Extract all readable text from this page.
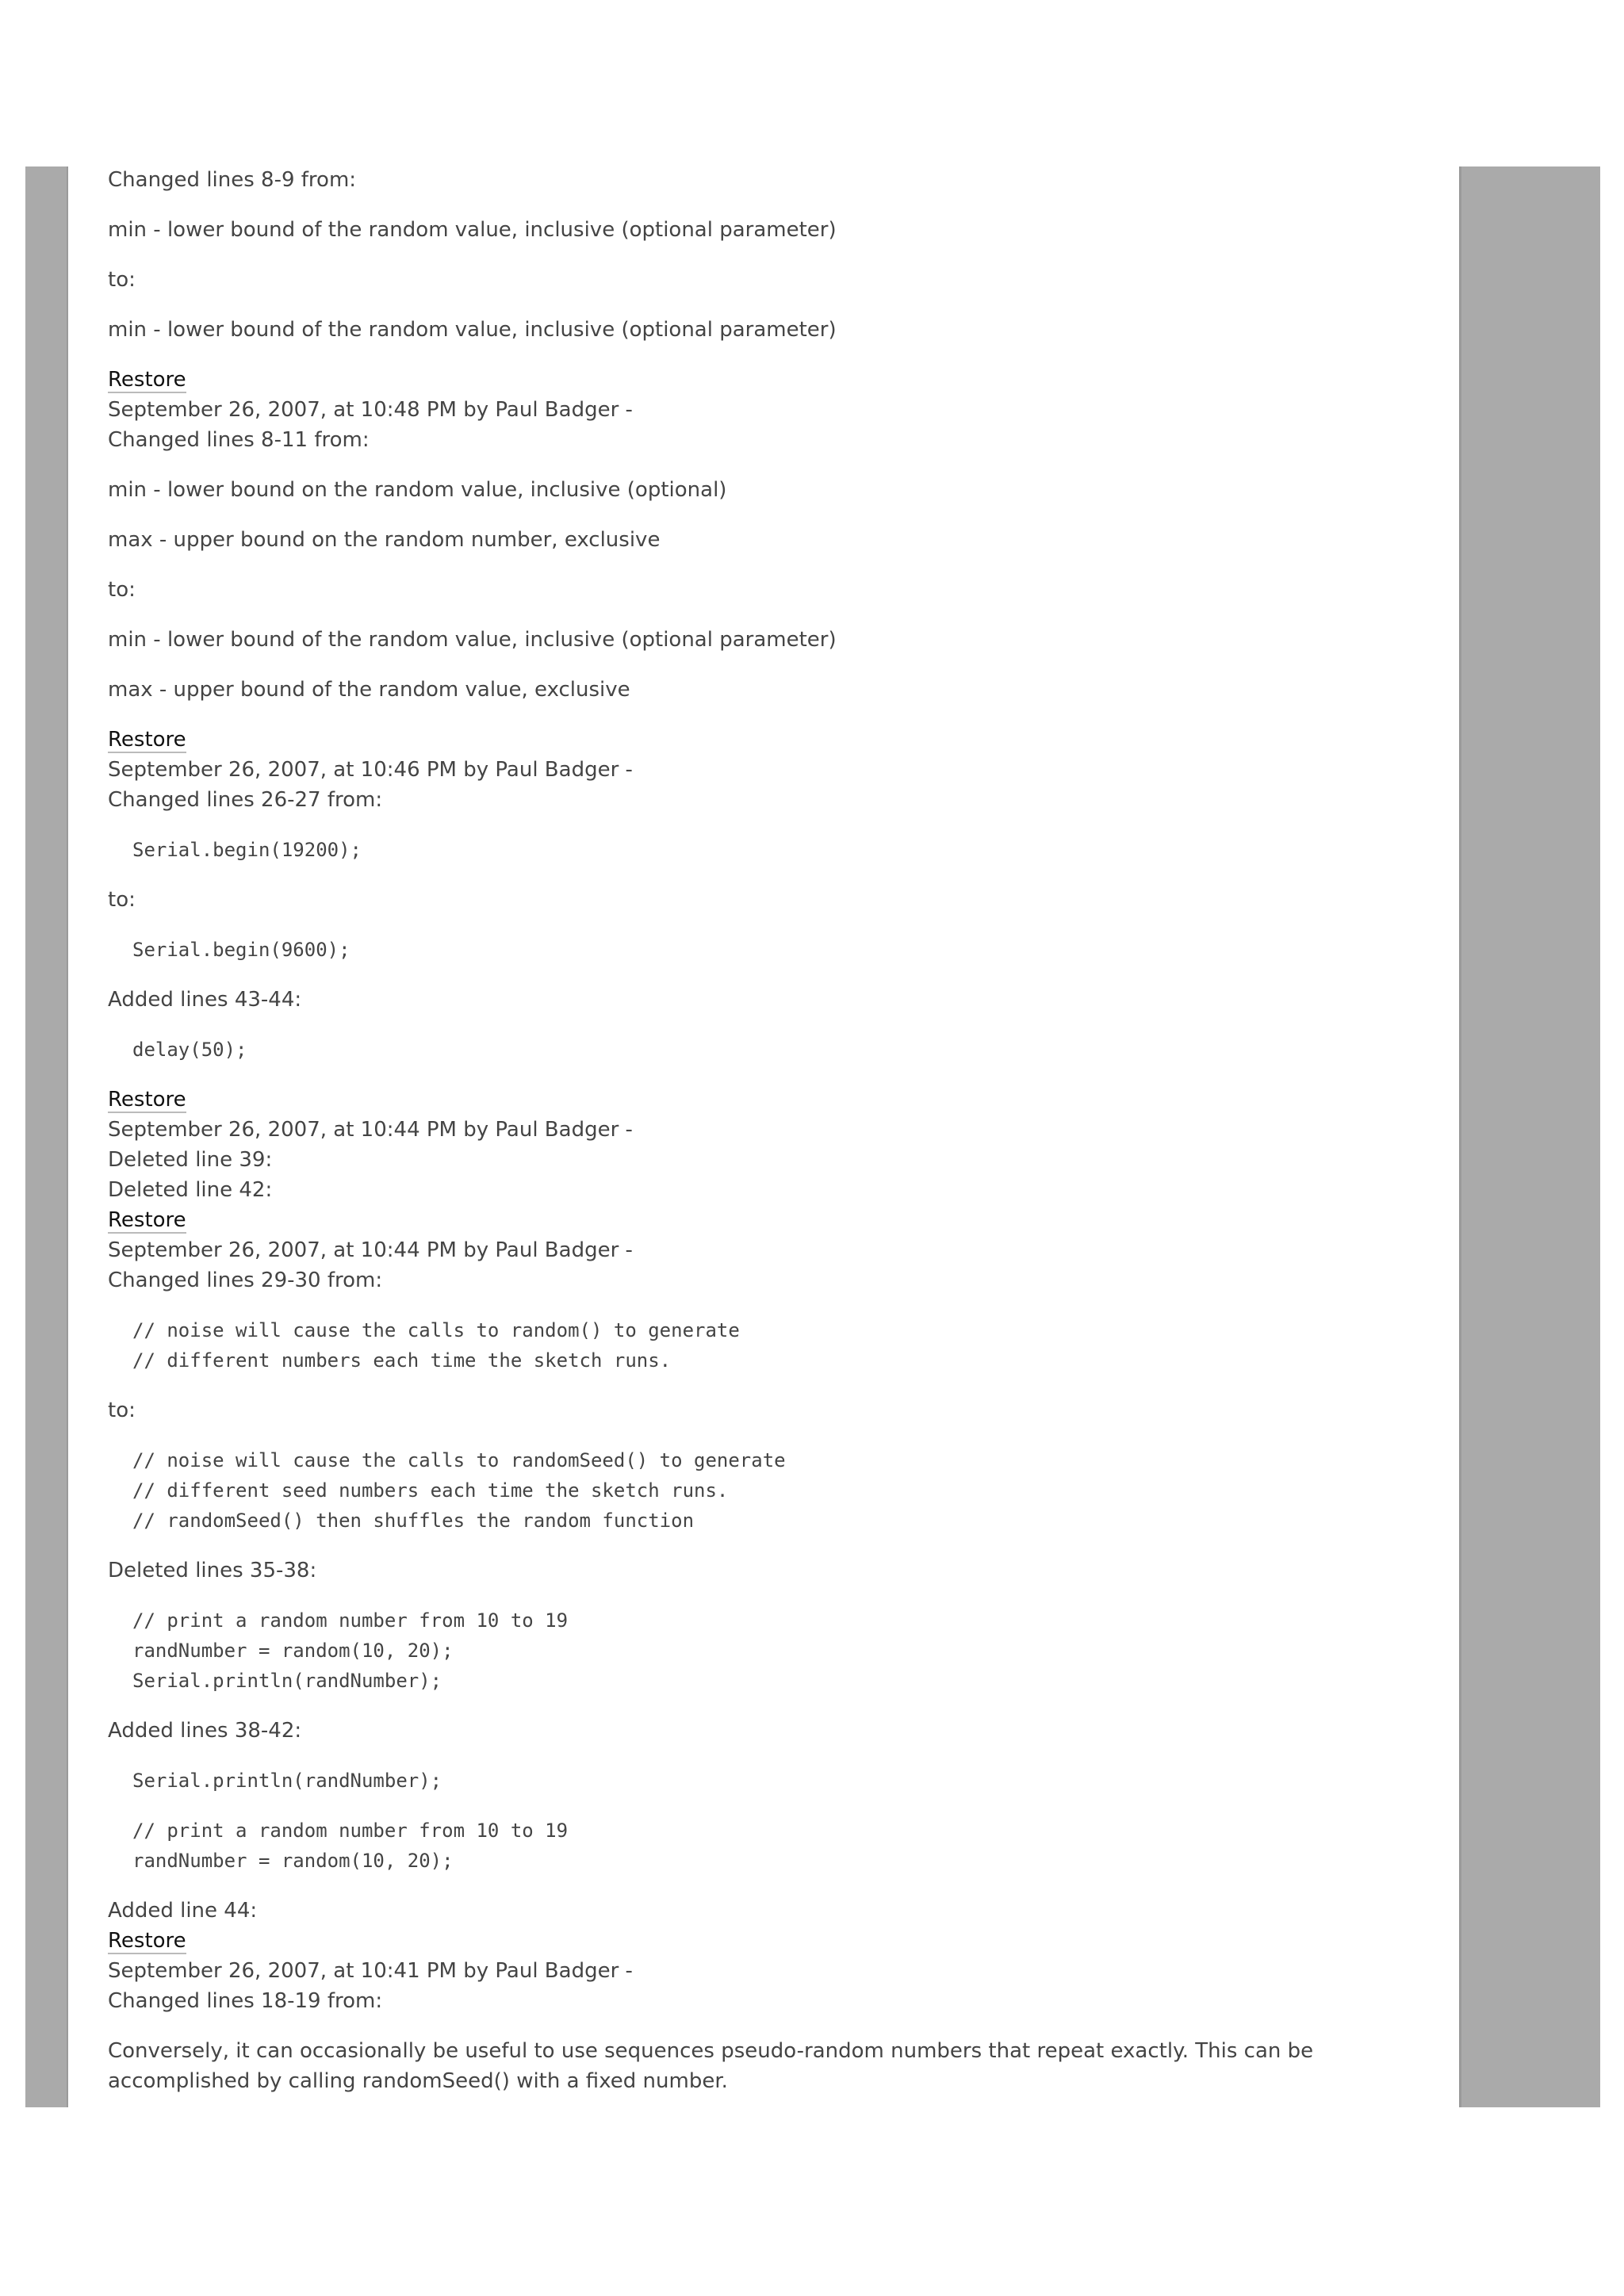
Changed lines 8-9 from:

min - lower bound of the random value, inclusive (optional parameter)

to:

min - lower bound of the random value, inclusive (optional parameter)

Restore

September 26, 2007, at 10:48 PM by Paul Badger -

Changed lines 8-11 from:

min - lower bound on the random value, inclusive (optional)

max - upper bound on the random number, exclusive

to:

min - lower bound of the random value, inclusive (optional parameter)

max - upper bound of the random value, exclusive

Restore

September 26, 2007, at 10:46 PM by Paul Badger -

Changed lines 26-27 from:

Serial.begin(19200);

to:

Serial.begin(9600);

Added lines 43-44:

delay(50);

Restore

September 26, 2007, at 10:44 PM by Paul Badger -

Deleted line 39:

Deleted line 42:

Restore

September 26, 2007, at 10:44 PM by Paul Badger -

Changed lines 29-30 from:

// noise will cause the calls to random() to generate
// different numbers each time the sketch runs.

to:

// noise will cause the calls to randomSeed() to generate
// different seed numbers each time the sketch runs.
// randomSeed() then shuffles the random function

Deleted lines 35-38:

// print a random number from 10 to 19
randNumber = random(10, 20);
Serial.println(randNumber);

Added lines 38-42:

Serial.println(randNumber);
// print a random number from 10 to 19
randNumber = random(10, 20);

Added line 44:

Restore

September 26, 2007, at 10:41 PM by Paul Badger -

Changed lines 18-19 from:

Conversely, it can occasionally be useful to use sequences pseudo-random numbers that repeat exactly. This can be accomplished by calling randomSeed() with a fixed number.
